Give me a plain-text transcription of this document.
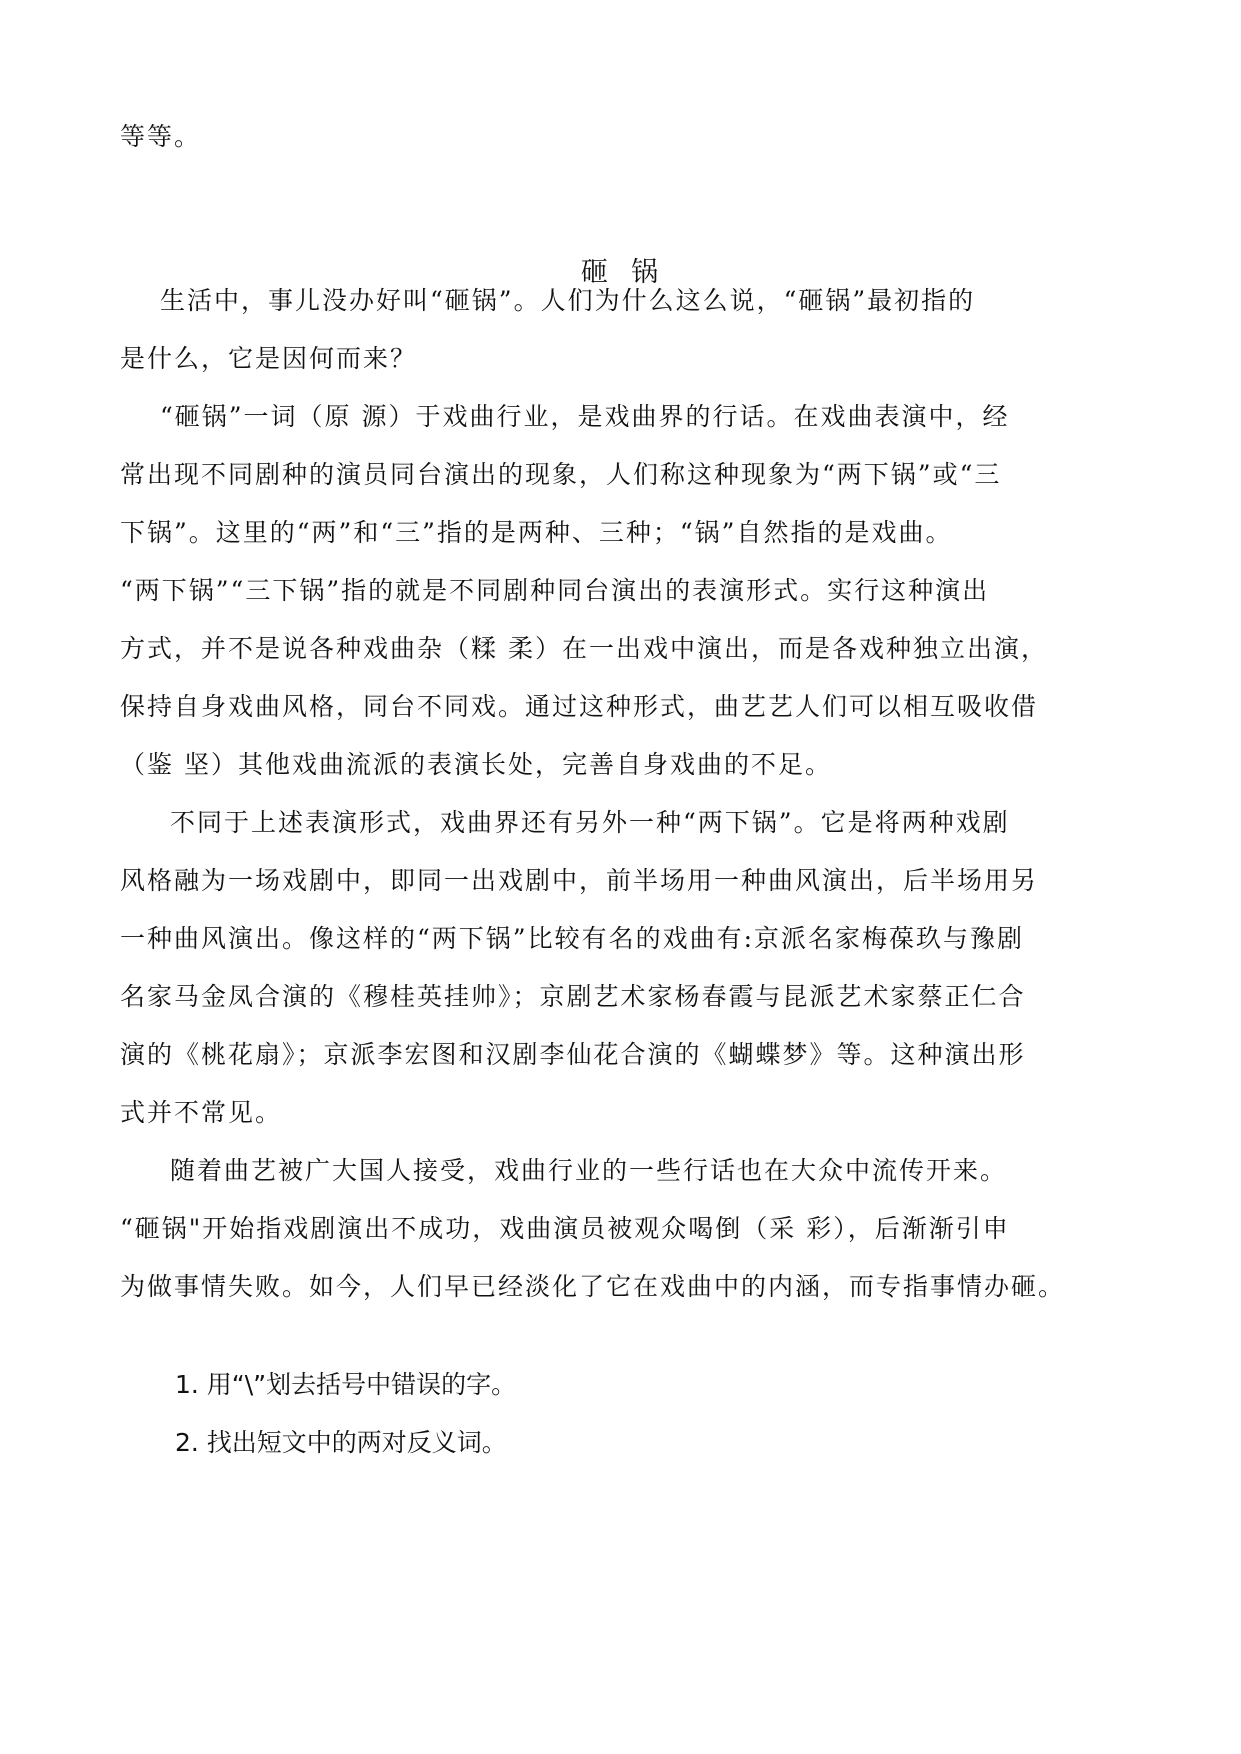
等等。
砸  锅
生活中，事儿没办好叫“砸锅”。人们为什么这么说，“砸锅”最初指的
是什么，它是因何而来？
“砸锅”一词（原 源）于戏曲行业，是戏曲界的行话。在戏曲表演中，经
常出现不同剧种的演员同台演出的现象，人们称这种现象为“两下锅”或“三
下锅”。这里的“两”和“三”指的是两种、三种；“锅”自然指的是戏曲。
“两下锅”“三下锅”指的就是不同剧种同台演出的表演形式。实行这种演出
方式，并不是说各种戏曲杂（糅 柔）在一出戏中演出，而是各戏种独立出演，
保持自身戏曲风格，同台不同戏。通过这种形式，曲艺艺人们可以相互吸收借
（鉴 坚）其他戏曲流派的表演长处，完善自身戏曲的不足。
不同于上述表演形式，戏曲界还有另外一种“两下锅”。它是将两种戏剧
风格融为一场戏剧中，即同一出戏剧中，前半场用一种曲风演出，后半场用另
一种曲风演出。像这样的“两下锅”比较有名的戏曲有:京派名家梅葆玖与豫剧
名家马金凤合演的《穆桂英挂帅》；京剧艺术家杨春霞与昆派艺术家蔡正仁合
演的《桃花扇》；京派李宏图和汉剧李仙花合演的《蝴蝶梦》等。这种演出形
式并不常见。
随着曲艺被广大国人接受，戏曲行业的一些行话也在大众中流传开来。
“砸锅"开始指戏剧演出不成功，戏曲演员被观众喝倒（采 彩），后渐渐引申
为做事情失败。如今，人们早已经淡化了它在戏曲中的内涵，而专指事情办砸。
1. 用“\”划去括号中错误的字。
2. 找出短文中的两对反义词。
